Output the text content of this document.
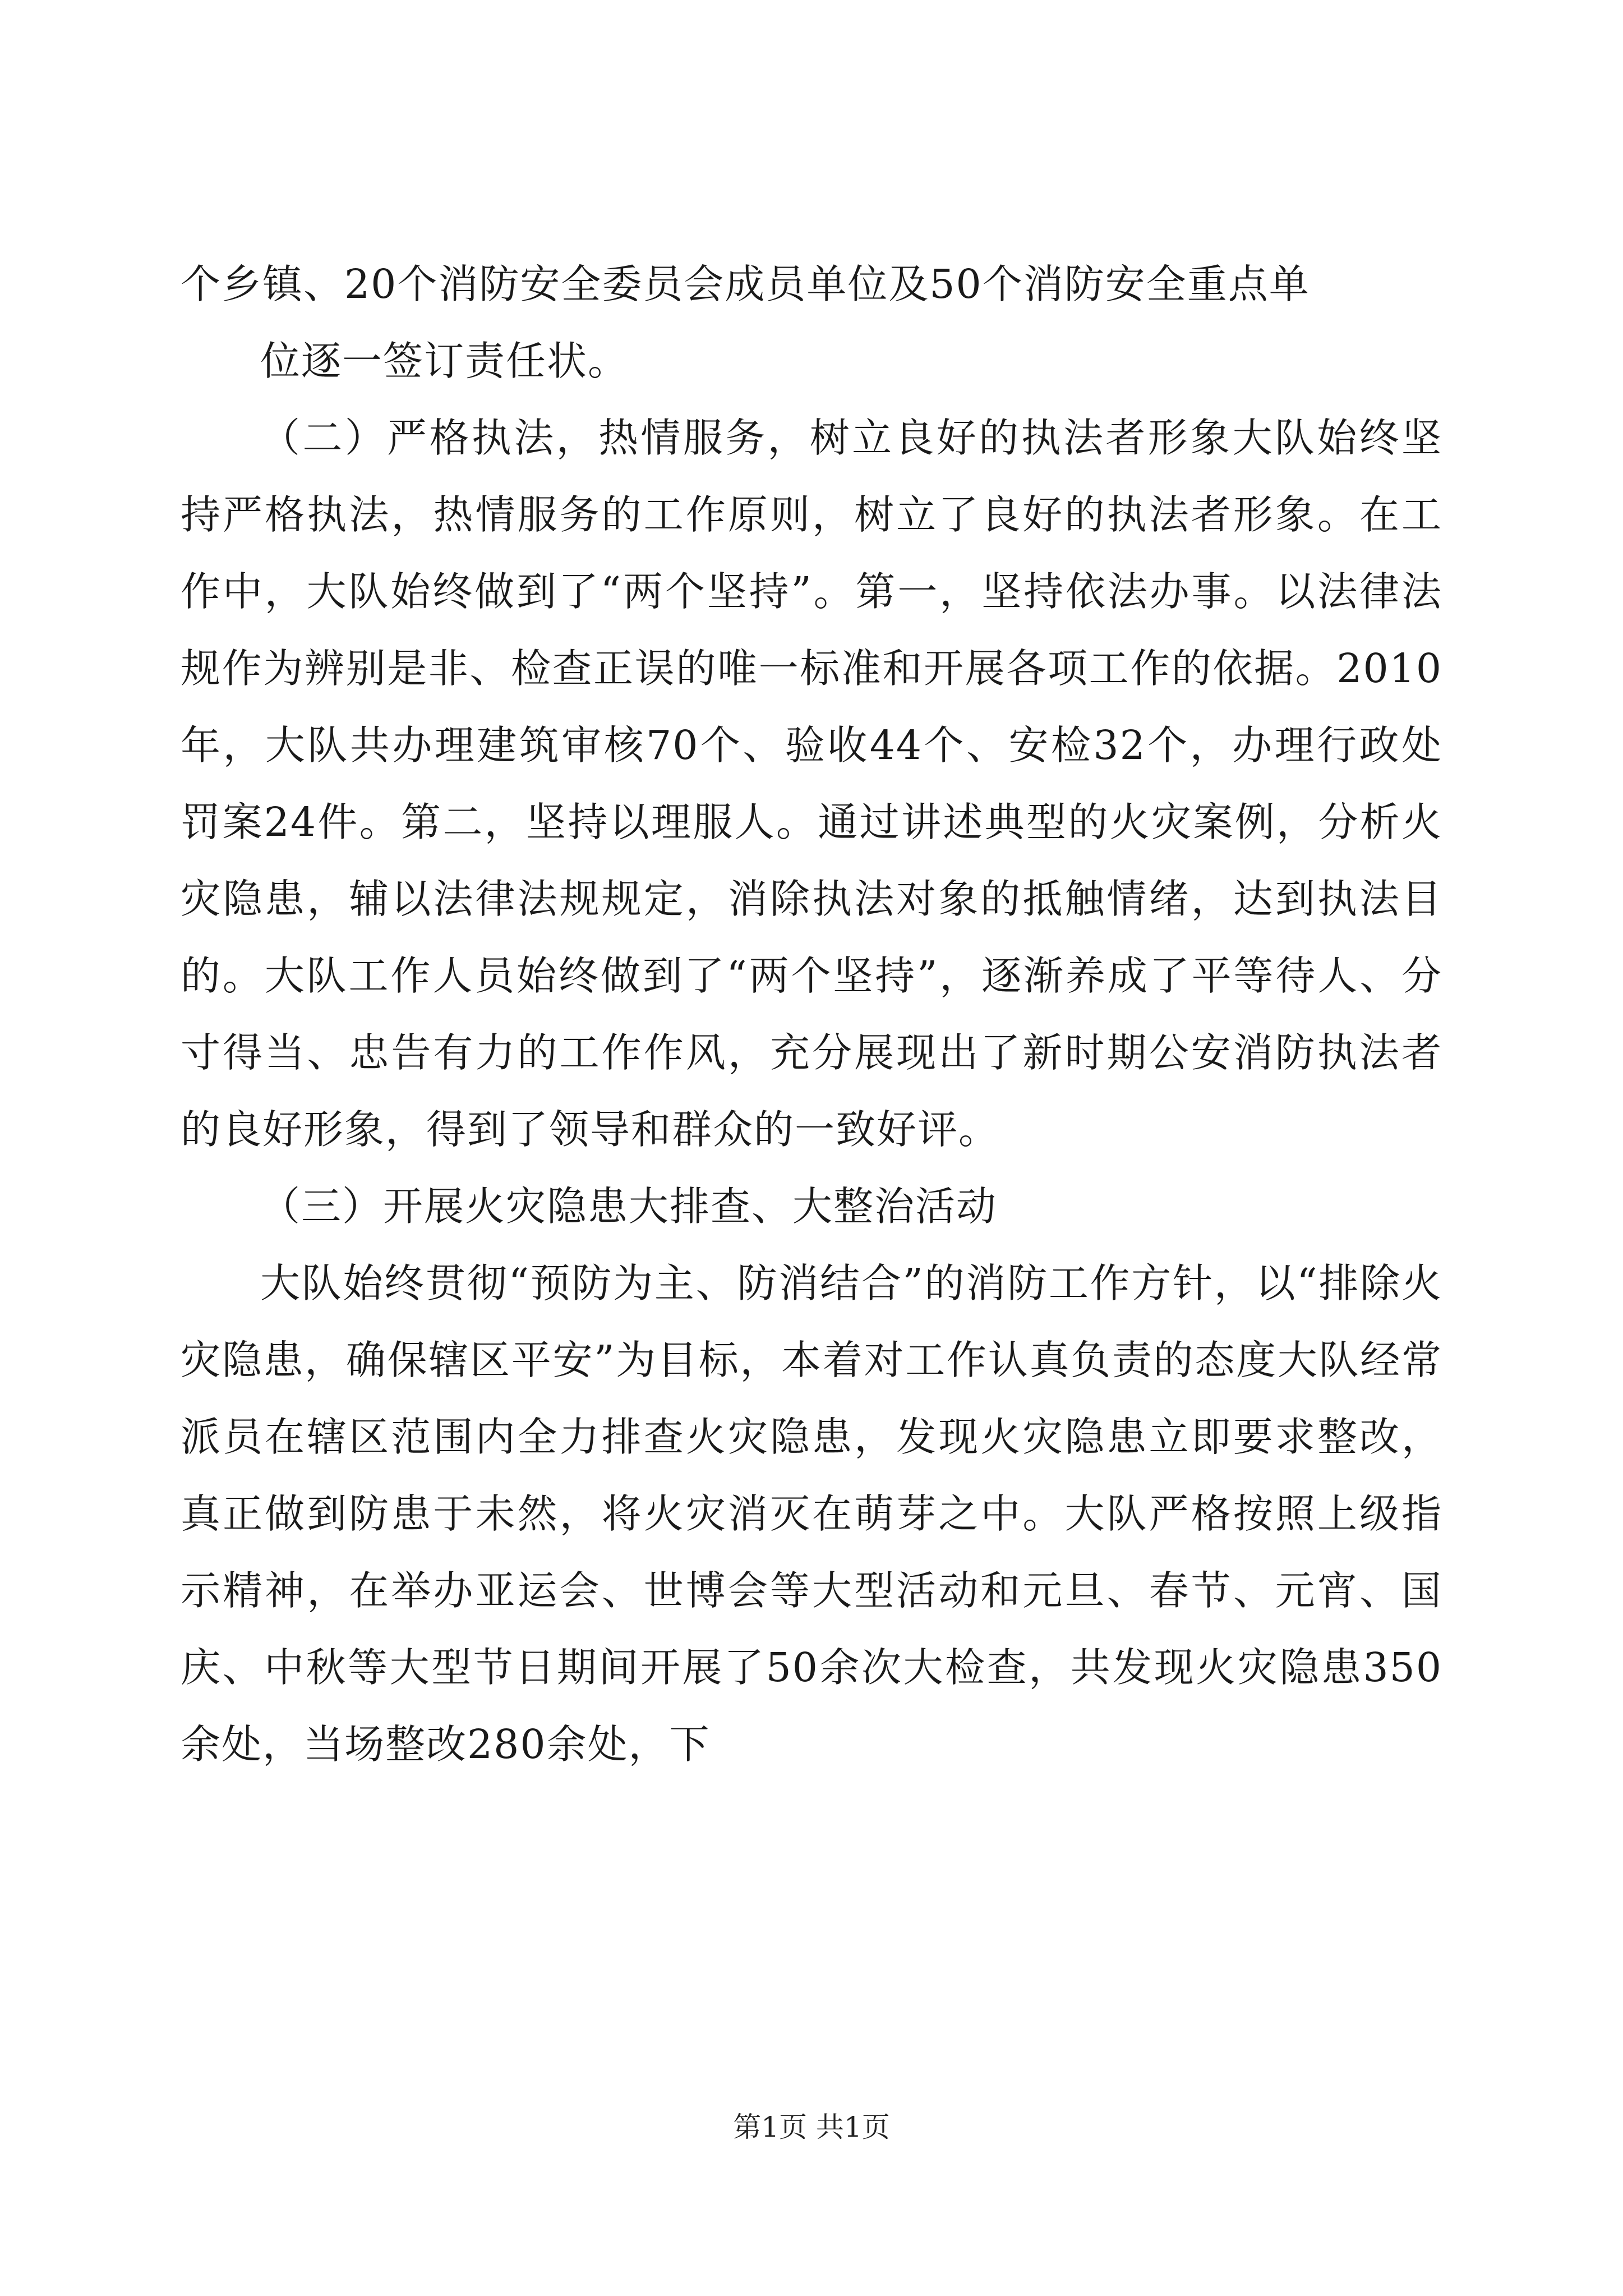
个乡镇、20个消防安全委员会成员单位及50个消防安全重点单

位逐一签订责任状。

（二）严格执法，热情服务，树立良好的执法者形象大队始终坚持严格执法，热情服务的工作原则，树立了良好的执法者形象。在工作中，大队始终做到了“两个坚持”。第一，坚持依法办事。以法律法规作为辨别是非、检查正误的唯一标准和开展各项工作的依据。2010年，大队共办理建筑审核70个、验收44个、安检32个，办理行政处罚案24件。第二，坚持以理服人。通过讲述典型的火灾案例，分析火灾隐患，辅以法律法规规定，消除执法对象的抵触情绪，达到执法目的。大队工作人员始终做到了“两个坚持”，逐渐养成了平等待人、分寸得当、忠告有力的工作作风，充分展现出了新时期公安消防执法者的良好形象，得到了领导和群众的一致好评。

（三）开展火灾隐患大排查、大整治活动

大队始终贯彻“预防为主、防消结合”的消防工作方针，以“排除火灾隐患，确保辖区平安”为目标，本着对工作认真负责的态度大队经常派员在辖区范围内全力排查火灾隐患，发现火灾隐患立即要求整改，真正做到防患于未然，将火灾消灭在萌芽之中。大队严格按照上级指示精神，在举办亚运会、世博会等大型活动和元旦、春节、元宵、国庆、中秋等大型节日期间开展了50余次大检查，共发现火灾隐患350余处，当场整改280余处，下

第1页 共1页
